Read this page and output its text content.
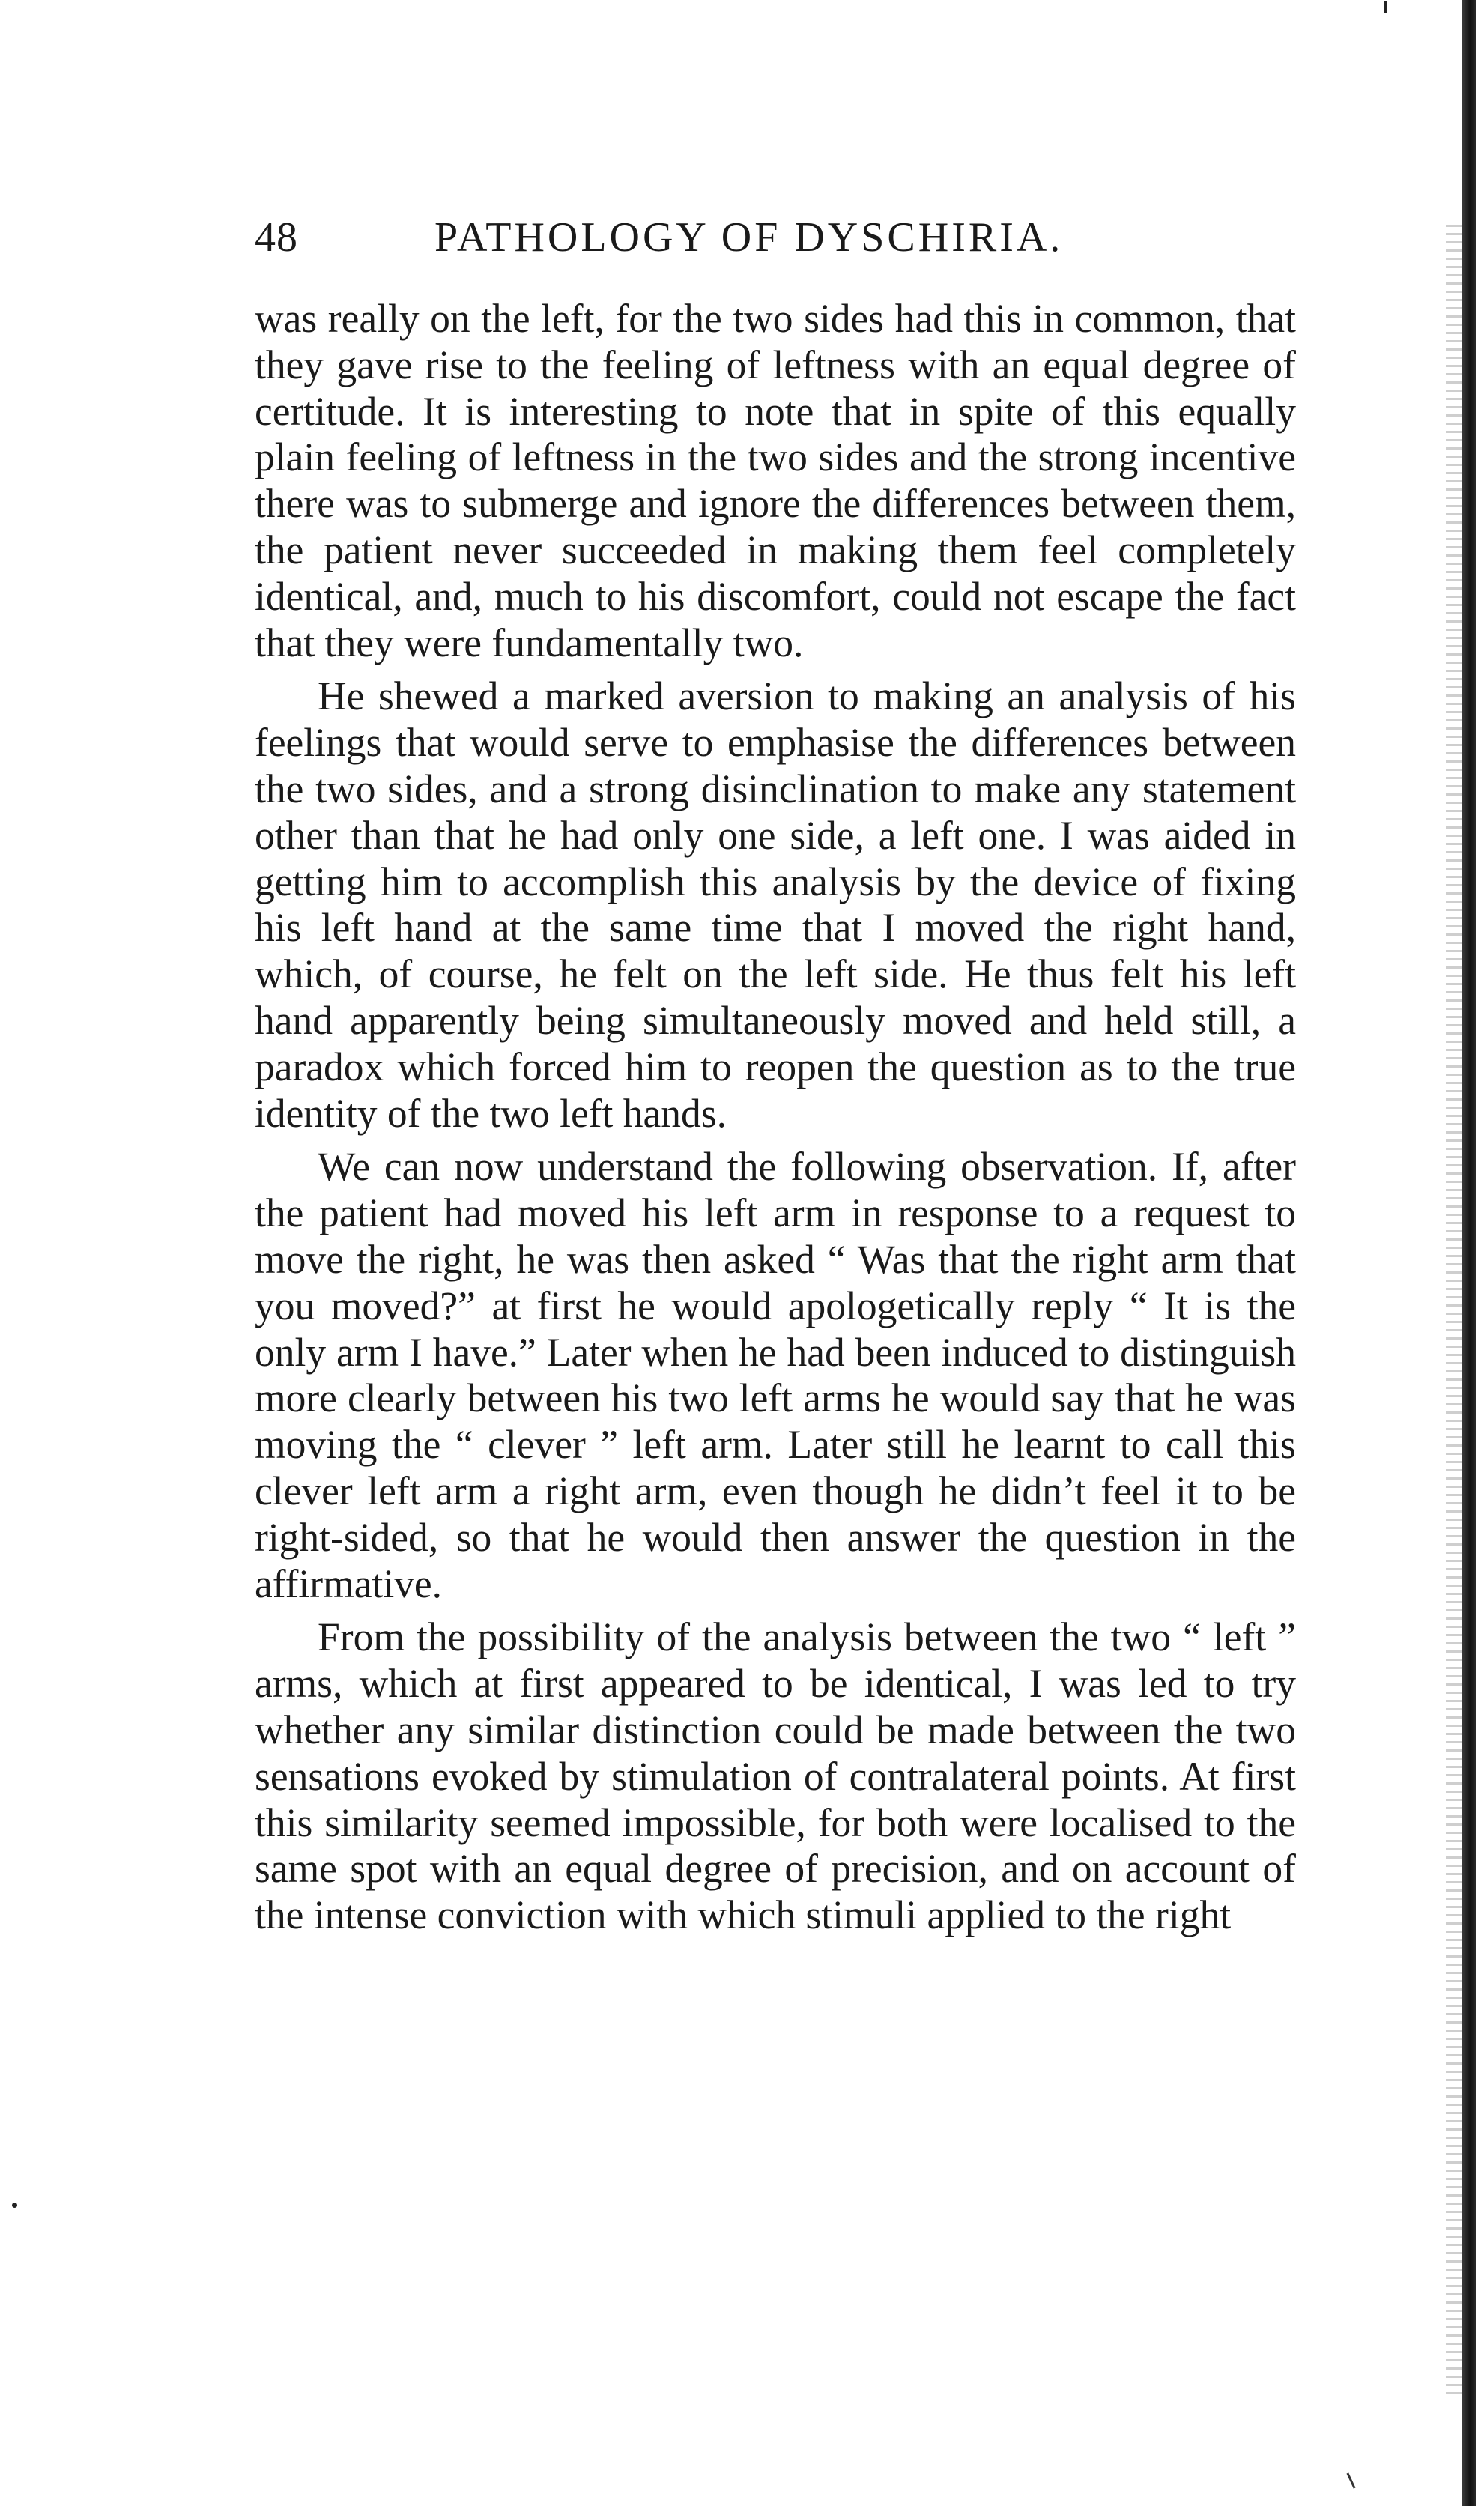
48	PATHOLOGY OF DYSCHIRIA.

was really on the left, for the two sides had this in common, that they gave rise to the feeling of leftness with an equal degree of certitude. It is interesting to note that in spite of this equally plain feeling of leftness in the two sides and the strong incentive there was to submerge and ignore the differences between them, the patient never succeeded in making them feel completely identical, and, much to his discomfort, could not escape the fact that they were fundamentally two.

He shewed a marked aversion to making an analysis of his feelings that would serve to emphasise the differences between the two sides, and a strong disinclination to make any statement other than that he had only one side, a left one. I was aided in getting him to accomplish this analysis by the device of fixing his left hand at the same time that I moved the right hand, which, of course, he felt on the left side. He thus felt his left hand apparently being simultaneously moved and held still, a paradox which forced him to reopen the question as to the true identity of the two left hands.

We can now understand the following observation. If, after the patient had moved his left arm in response to a request to move the right, he was then asked “ Was that the right arm that you moved?” at first he would apologetically reply “ It is the only arm I have.” Later when he had been induced to distinguish more clearly between his two left arms he would say that he was moving the “ clever ” left arm. Later still he learnt to call this clever left arm a right arm, even though he didn’t feel it to be right-sided, so that he would then answer the question in the affirmative.

From the possibility of the analysis between the two “ left ” arms, which at first appeared to be identical, I was led to try whether any similar distinction could be made between the two sensations evoked by stimulation of contralateral points. At first this similarity seemed impossible, for both were localised to the same spot with an equal degree of precision, and on account of the intense conviction with which stimuli applied to the right
